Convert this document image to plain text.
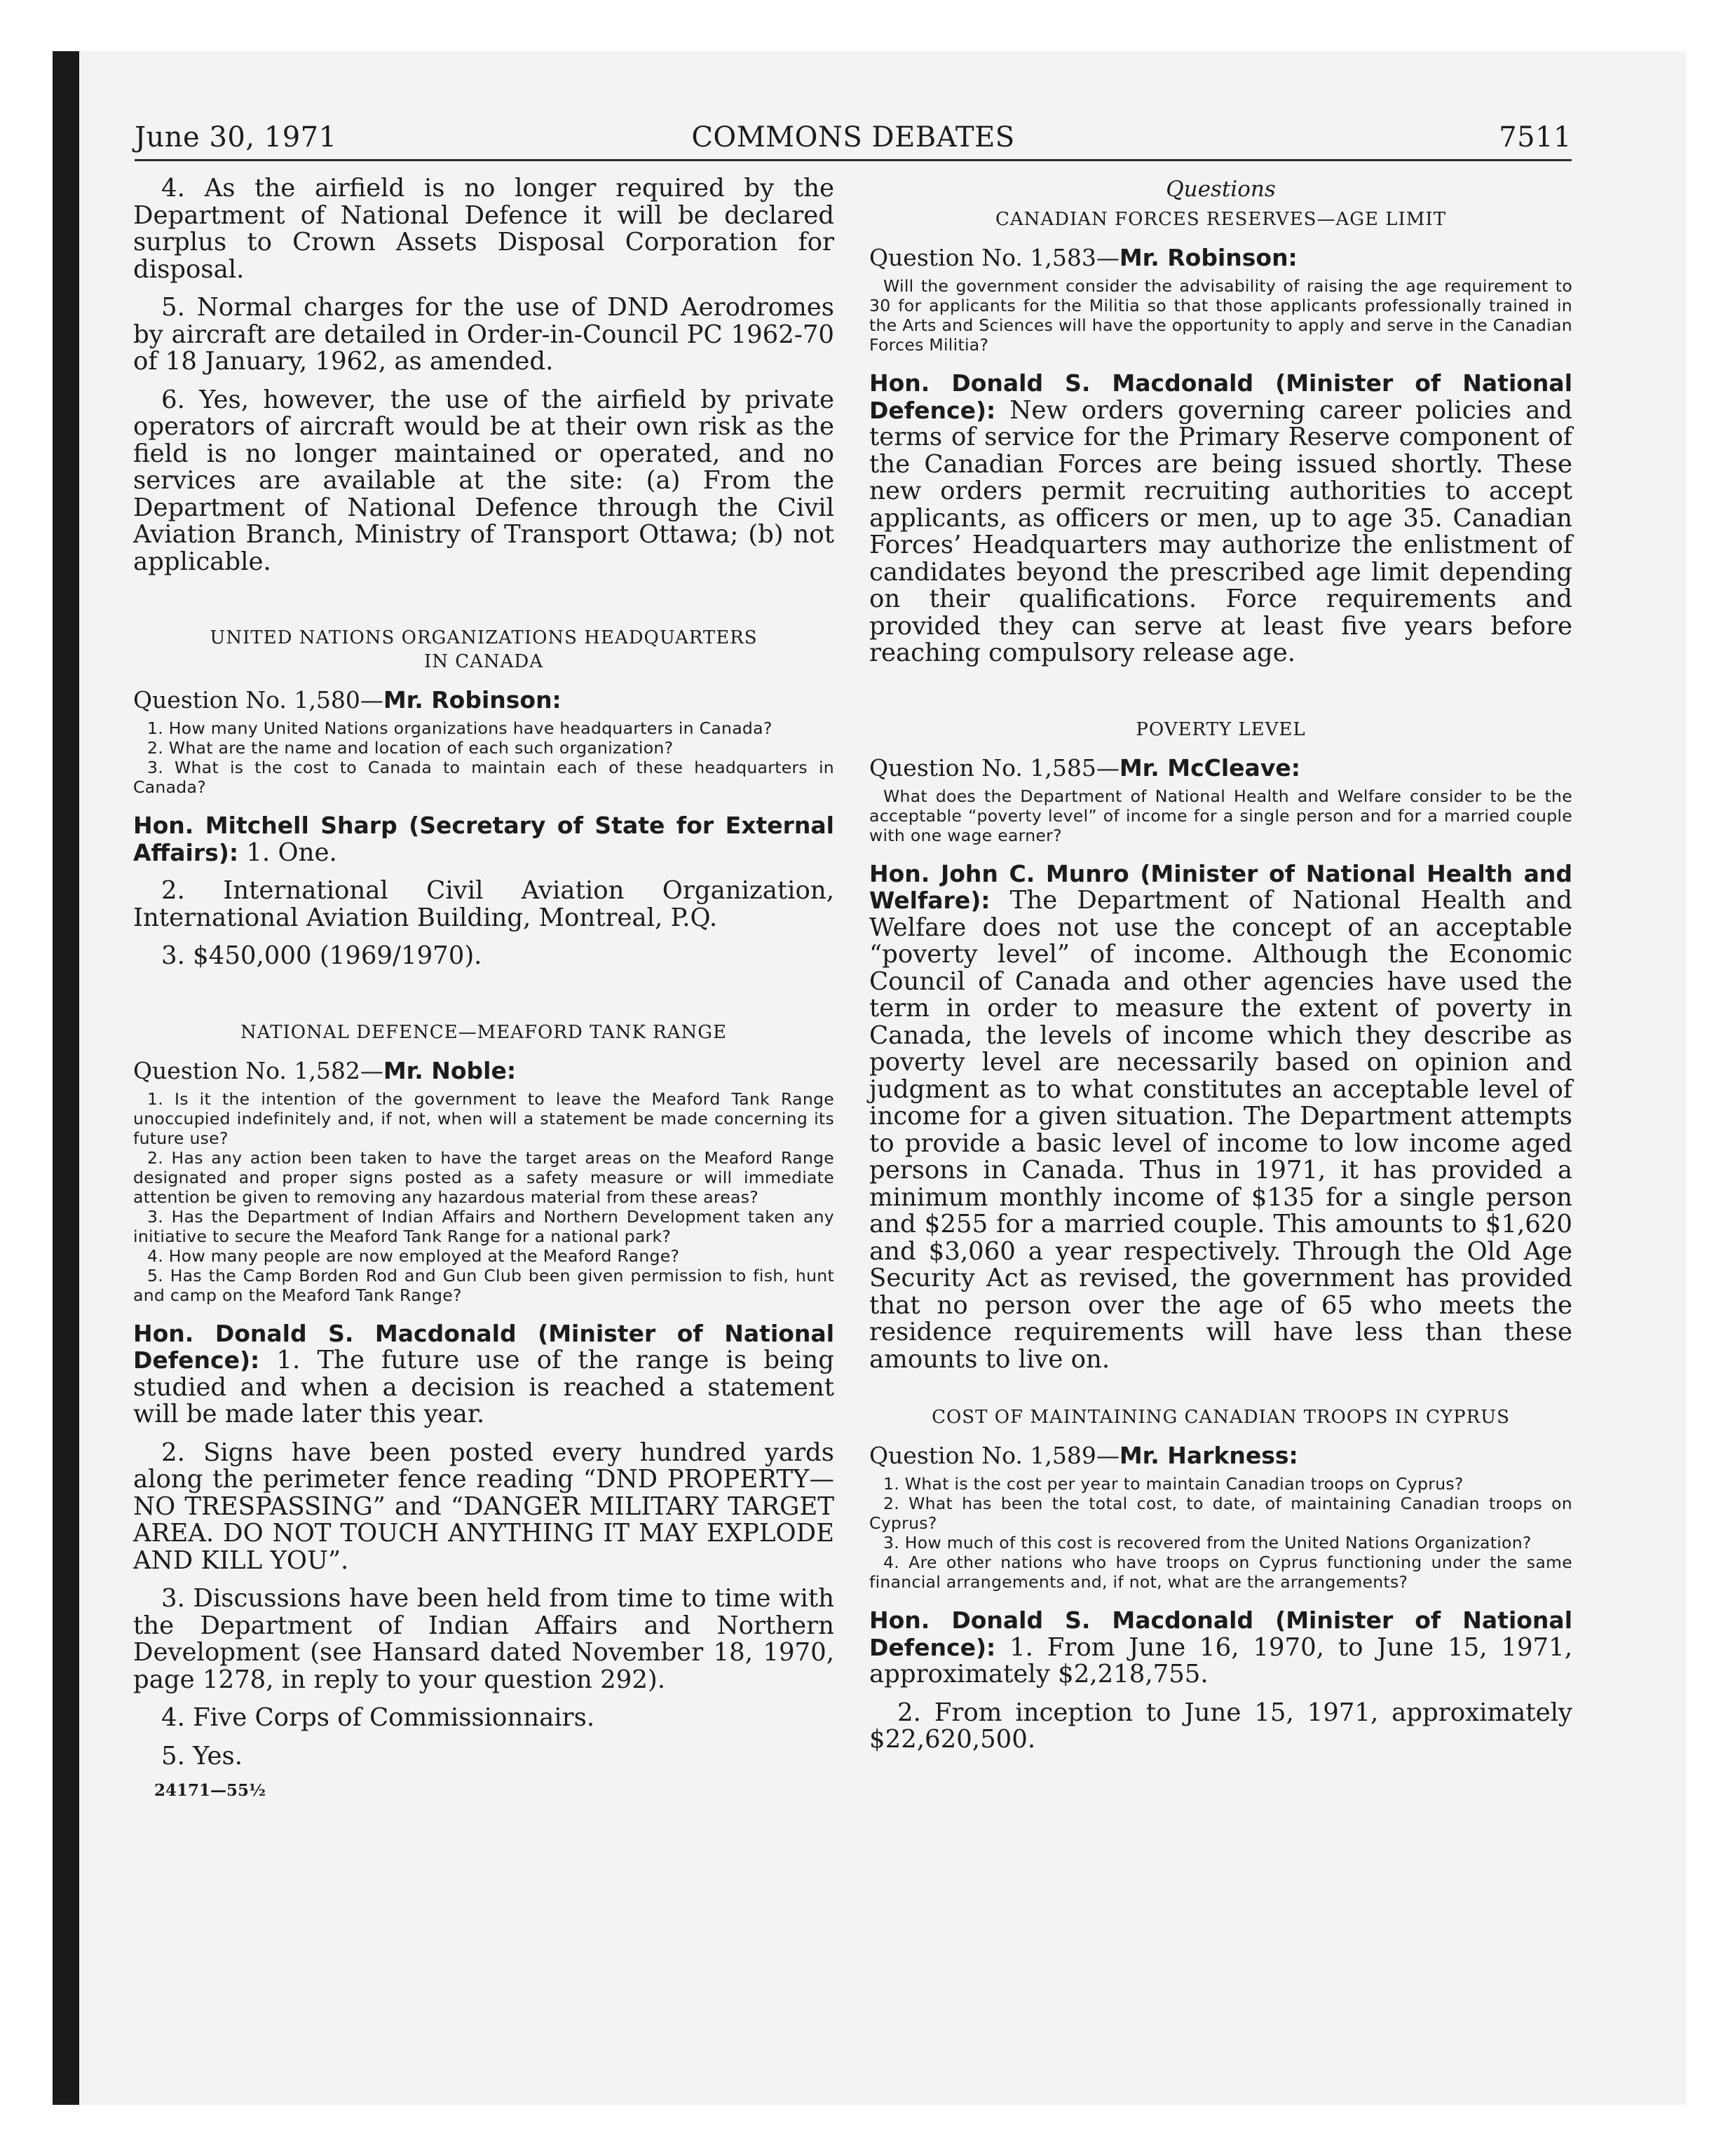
June 30, 1971	COMMONS DEBATES	7511

4. As the airfield is no longer required by the Department of National Defence it will be declared surplus to Crown Assets Disposal Corporation for disposal.

5. Normal charges for the use of DND Aerodromes by aircraft are detailed in Order-in-Council PC 1962-70 of 18 January, 1962, as amended.

6. Yes, however, the use of the airfield by private operators of aircraft would be at their own risk as the field is no longer maintained or operated, and no services are available at the site: (a) From the Department of National Defence through the Civil Aviation Branch, Ministry of Transport Ottawa; (b) not applicable.

UNITED NATIONS ORGANIZATIONS HEADQUARTERS
IN CANADA

Question No. 1,580—Mr. Robinson:

1. How many United Nations organizations have headquarters in Canada?

2. What are the name and location of each such organization?

3. What is the cost to Canada to maintain each of these headquarters in Canada?

Hon. Mitchell Sharp (Secretary of State for External Affairs): 1. One.

2. International Civil Aviation Organization, International Aviation Building, Montreal, P.Q.

3. $450,000 (1969/1970).

NATIONAL DEFENCE—MEAFORD TANK RANGE

Question No. 1,582—Mr. Noble:

1. Is it the intention of the government to leave the Meaford Tank Range unoccupied indefinitely and, if not, when will a statement be made concerning its future use?

2. Has any action been taken to have the target areas on the Meaford Range designated and proper signs posted as a safety measure or will immediate attention be given to removing any hazardous material from these areas?

3. Has the Department of Indian Affairs and Northern Development taken any initiative to secure the Meaford Tank Range for a national park?

4. How many people are now employed at the Meaford Range?

5. Has the Camp Borden Rod and Gun Club been given permission to fish, hunt and camp on the Meaford Tank Range?

Hon. Donald S. Macdonald (Minister of National Defence): 1. The future use of the range is being studied and when a decision is reached a statement will be made later this year.

2. Signs have been posted every hundred yards along the perimeter fence reading “DND PROPERTY—NO TRESPASSING” and “DANGER MILITARY TARGET AREA. DO NOT TOUCH ANYTHING IT MAY EXPLODE AND KILL YOU”.

3. Discussions have been held from time to time with the Department of Indian Affairs and Northern Development (see Hansard dated November 18, 1970, page 1278, in reply to your question 292).

4. Five Corps of Commissionnairs.

5. Yes.

24171—55½

Questions

CANADIAN FORCES RESERVES—AGE LIMIT

Question No. 1,583—Mr. Robinson:

Will the government consider the advisability of raising the age requirement to 30 for applicants for the Militia so that those applicants professionally trained in the Arts and Sciences will have the opportunity to apply and serve in the Canadian Forces Militia?

Hon. Donald S. Macdonald (Minister of National Defence): New orders governing career policies and terms of service for the Primary Reserve component of the Canadian Forces are being issued shortly. These new orders permit recruiting authorities to accept applicants, as officers or men, up to age 35. Canadian Forces’ Headquarters may authorize the enlistment of candidates beyond the prescribed age limit depending on their qualifications. Force requirements and provided they can serve at least five years before reaching compulsory release age.

POVERTY LEVEL

Question No. 1,585—Mr. McCleave:

What does the Department of National Health and Welfare consider to be the acceptable “poverty level” of income for a single person and for a married couple with one wage earner?

Hon. John C. Munro (Minister of National Health and Welfare): The Department of National Health and Welfare does not use the concept of an acceptable “poverty level” of income. Although the Economic Council of Canada and other agencies have used the term in order to measure the extent of poverty in Canada, the levels of income which they describe as poverty level are necessarily based on opinion and judgment as to what constitutes an acceptable level of income for a given situation. The Department attempts to provide a basic level of income to low income aged persons in Canada. Thus in 1971, it has provided a minimum monthly income of $135 for a single person and $255 for a married couple. This amounts to $1,620 and $3,060 a year respectively. Through the Old Age Security Act as revised, the government has provided that no person over the age of 65 who meets the residence requirements will have less than these amounts to live on.

COST OF MAINTAINING CANADIAN TROOPS IN CYPRUS

Question No. 1,589—Mr. Harkness:

1. What is the cost per year to maintain Canadian troops on Cyprus?

2. What has been the total cost, to date, of maintaining Canadian troops on Cyprus?

3. How much of this cost is recovered from the United Nations Organization?

4. Are other nations who have troops on Cyprus functioning under the same financial arrangements and, if not, what are the arrangements?

Hon. Donald S. Macdonald (Minister of National Defence): 1. From June 16, 1970, to June 15, 1971, approximately $2,218,755.

2. From inception to June 15, 1971, approximately $22,620,500.
